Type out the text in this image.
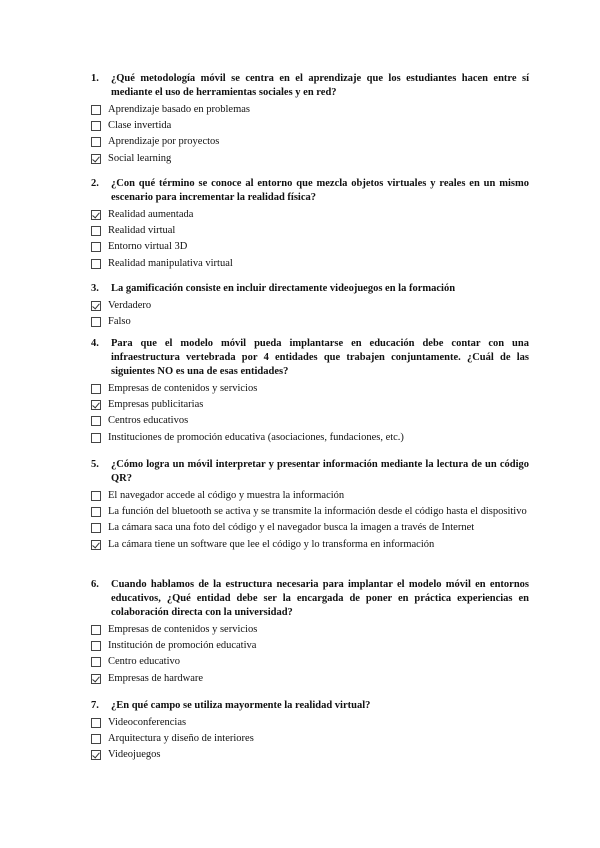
1.	¿Qué metodología móvil se centra en el aprendizaje que los estudiantes hacen entre sí mediante el uso de herramientas sociales y en red?
Aprendizaje basado en problemas
Clase invertida
Aprendizaje por proyectos
Social learning
2.	¿Con qué término se conoce al entorno que mezcla objetos virtuales y reales en un mismo escenario para incrementar la realidad física?
Realidad aumentada
Realidad virtual
Entorno virtual 3D
Realidad manipulativa virtual
3.	La gamificación consiste en incluir directamente videojuegos en la formación
Verdadero
Falso
4.	Para que el modelo móvil pueda implantarse en educación debe contar con una infraestructura vertebrada por 4 entidades que trabajen conjuntamente. ¿Cuál de las siguientes NO es una de esas entidades?
Empresas de contenidos y servicios
Empresas publicitarias
Centros educativos
Instituciones de promoción educativa (asociaciones, fundaciones, etc.)
5.	¿Cómo logra un móvil interpretar y presentar información mediante la lectura de un código QR?
El navegador accede al código y muestra la información
La función del bluetooth se activa y se transmite la información desde el código hasta el dispositivo
La cámara saca una foto del código y el navegador busca la imagen a través de Internet
La cámara tiene un software que lee el código y lo transforma en información
6.	Cuando hablamos de la estructura necesaria para implantar el modelo móvil en entornos educativos, ¿Qué entidad debe ser la encargada de poner en práctica experiencias en colaboración directa con la universidad?
Empresas de contenidos y servicios
Institución de promoción educativa
Centro educativo
Empresas de hardware
7.	¿En qué campo se utiliza mayormente la realidad virtual?
Videoconferencias
Arquitectura y diseño de interiores
Videojuegos
